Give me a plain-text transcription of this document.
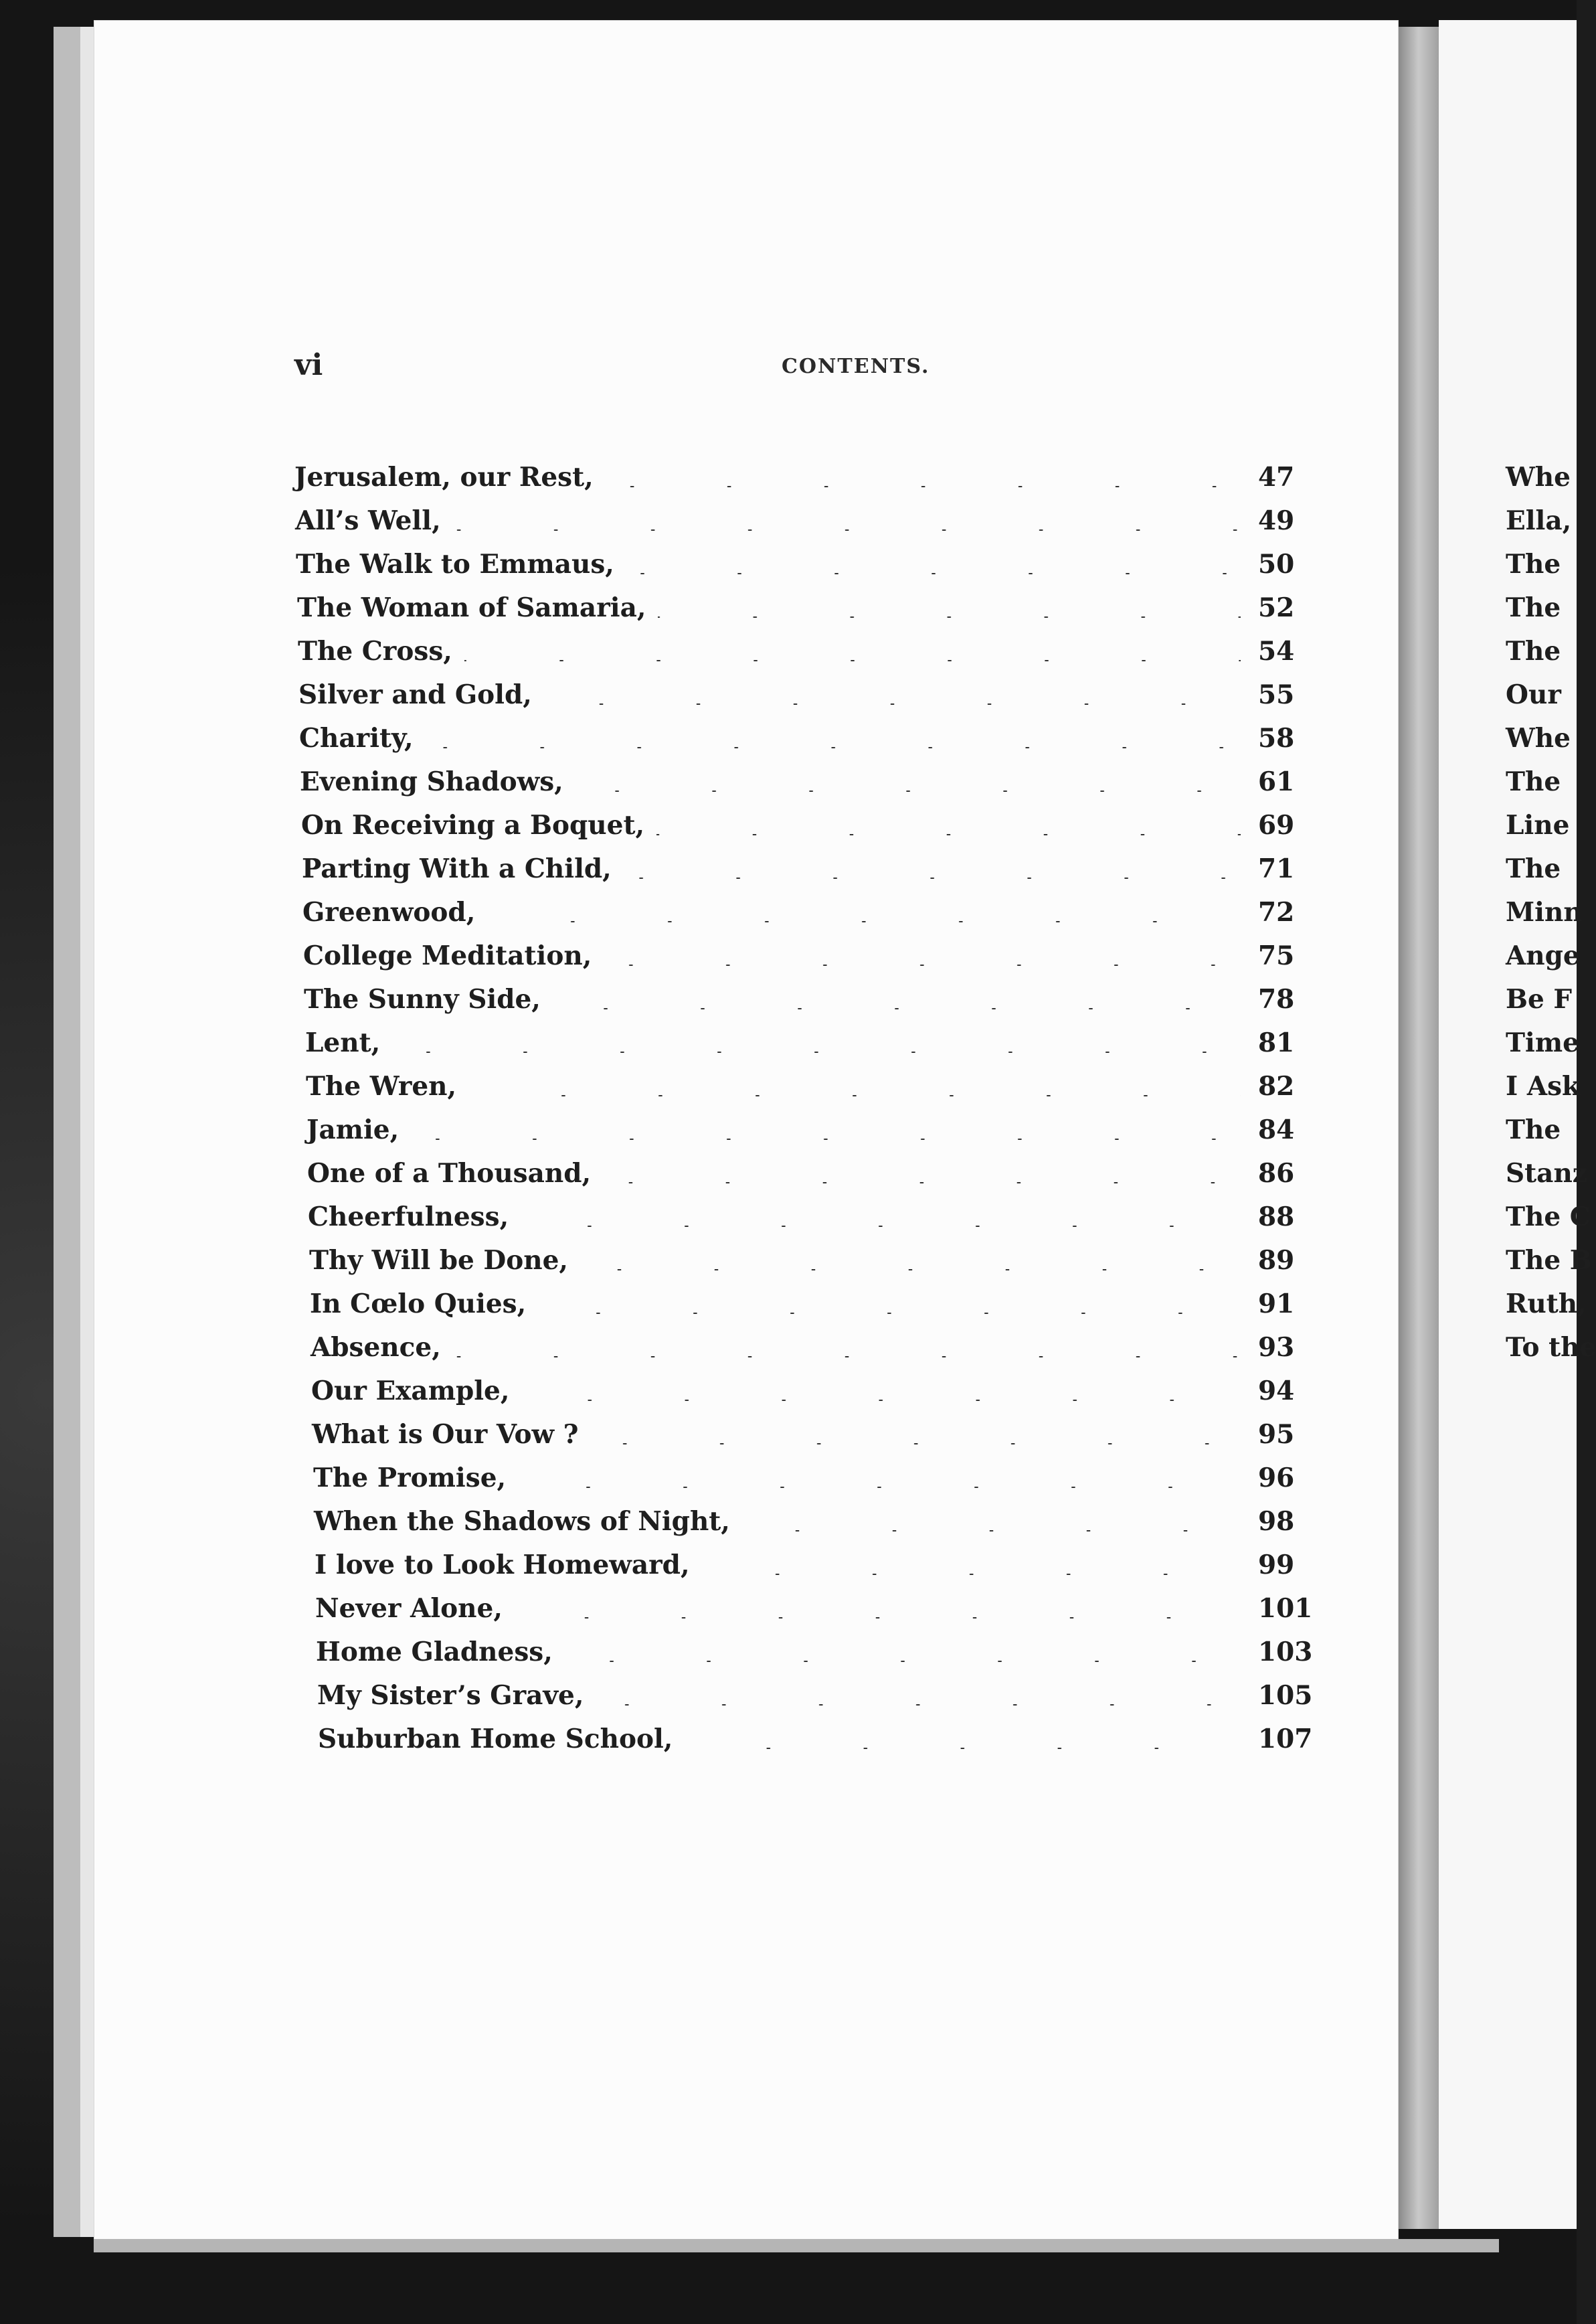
vi	CONTENTS.
Jerusalem, our Rest,	47
All’s Well,	49
The Walk to Emmaus,	50
The Woman of Samaria,	52
The Cross,	54
Silver and Gold,	55
Charity,	58
Evening Shadows,	61
On Receiving a Boquet,	69
Parting With a Child,	71
Greenwood,	72
College Meditation,	75
The Sunny Side,	78
Lent,	81
The Wren,	82
Jamie,	84
One of a Thousand,	86
Cheerfulness,	88
Thy Will be Done,	89
In Cœlo Quies,	91
Absence,	93
Our Example,	94
What is Our Vow ?	95
The Promise,	96
When the Shadows of Night,	98
I love to Look Homeward,	99
Never Alone,	101
Home Gladness,	103
My Sister’s Grave,	105
Suburban Home School,	107
Whe
Ella,
The
The
The
Our
Whe
The
Line
The
Minn
Ange
Be F
Time
I Ask
The
Stanz
The C
The B
Ruth,
To the
